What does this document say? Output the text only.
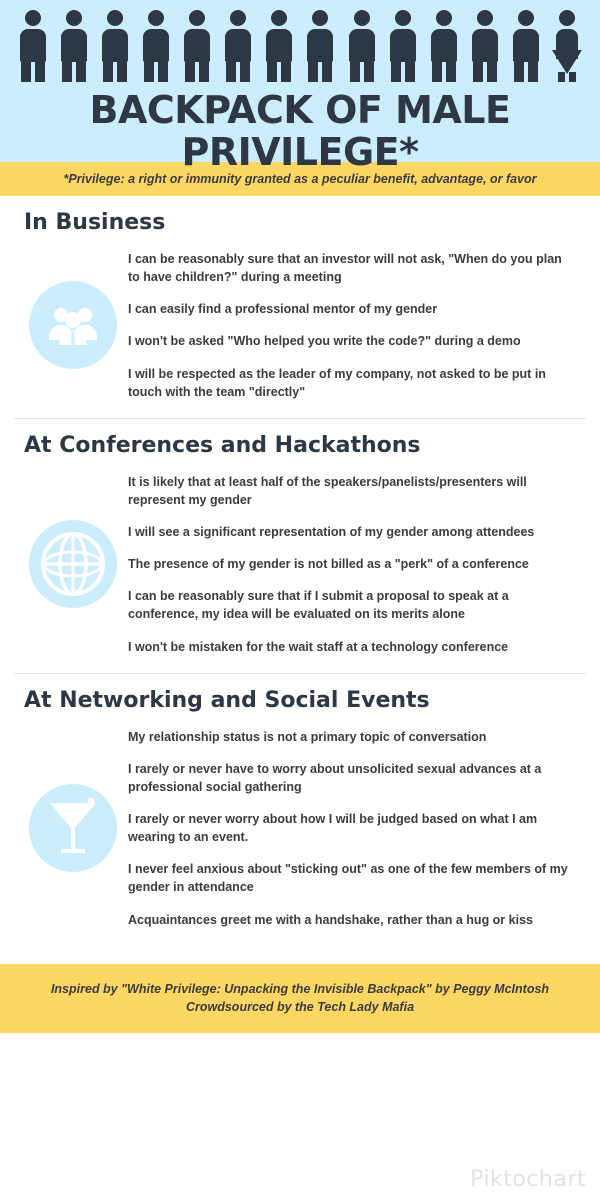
BACKPACK OF MALE PRIVILEGE*
*Privilege: a right or immunity granted as a peculiar benefit, advantage, or favor
In Business
I can be reasonably sure that an investor will not ask, "When do you plan to have children?" during a meeting
I can easily find a professional mentor of my gender
I won't be asked "Who helped you write the code?" during a demo
I will be respected as the leader of my company, not asked to be put in touch with the team "directly"
At Conferences and Hackathons
It is likely that at least half of the speakers/panelists/presenters will represent my gender
I will see a significant representation of my gender among attendees
The presence of my gender is not billed as a "perk" of a conference
I can be reasonably sure that if I submit a proposal to speak at a conference, my idea will be evaluated on its merits alone
I won't be mistaken for the wait staff at a technology conference
At Networking and Social Events
My relationship status is not a primary topic of conversation
I rarely or never have to worry about unsolicited sexual advances at a professional social gathering
I rarely or never worry about how I will be judged based on what I am wearing to an event.
I never feel anxious about "sticking out" as one of the few members of my gender in attendance
Acquaintances greet me with a handshake, rather than a hug or kiss
Inspired by "White Privilege: Unpacking the Invisible Backpack" by Peggy McIntosh
Crowdsourced by the Tech Lady Mafia
Piktochart
